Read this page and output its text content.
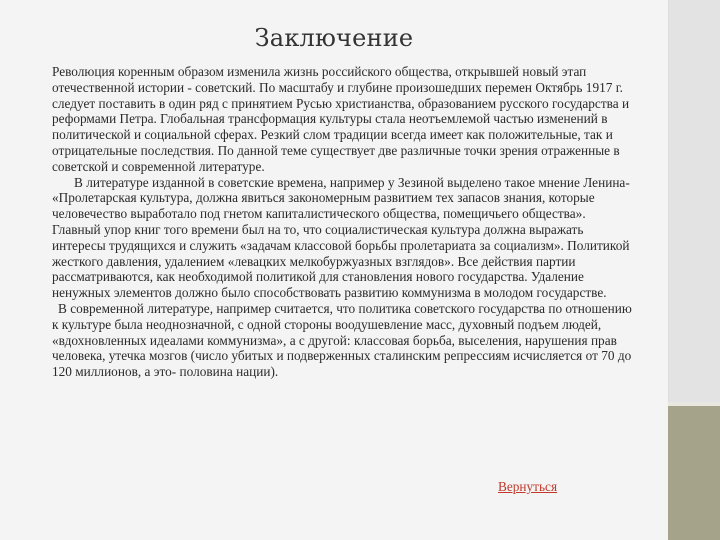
Заключение

Революция коренным образом изменила жизнь российского общества, открывшей новый этап отечественной истории - советский. По масштабу и глубине произошедших перемен Октябрь 1917 г. следует поставить в один ряд с принятием Русью христианства, образованием русского государства и реформами Петра. Глобальная трансформация культуры стала неотъемлемой частью изменений в политической и социальной сферах. Резкий слом традиции всегда имеет как положительные, так и отрицательные последствия. По данной теме существует две различные точки зрения отраженные в советской и современной литературе.

В литературе изданной в советские времена, например у Зезиной выделено такое мнение Ленина- «Пролетарская культура, должна явиться закономерным развитием тех запасов знания, которые человечество выработало под гнетом капиталистического общества, помещичьего общества». Главный упор книг того времени был на то, что социалистическая культура должна выражать интересы трудящихся и служить «задачам классовой борьбы пролетариата за социализм». Политикой жесткого давления, удалением «левацких мелкобуржуазных взглядов». Все действия партии рассматриваются, как необходимой политикой для становления нового государства. Удаление ненужных элементов должно было способствовать развитию коммунизма в молодом государстве.

В современной литературе, например считается, что политика советского государства по отношению к культуре была неоднозначной, с одной стороны воодушевление масс, духовный подъем людей, «вдохновленных идеалами коммунизма», а с другой: классовая борьба, выселения, нарушения прав человека, утечка мозгов (число убитых и подверженных сталинским репрессиям исчисляется от 70 до 120 миллионов, а это- половина нации).

Вернуться
